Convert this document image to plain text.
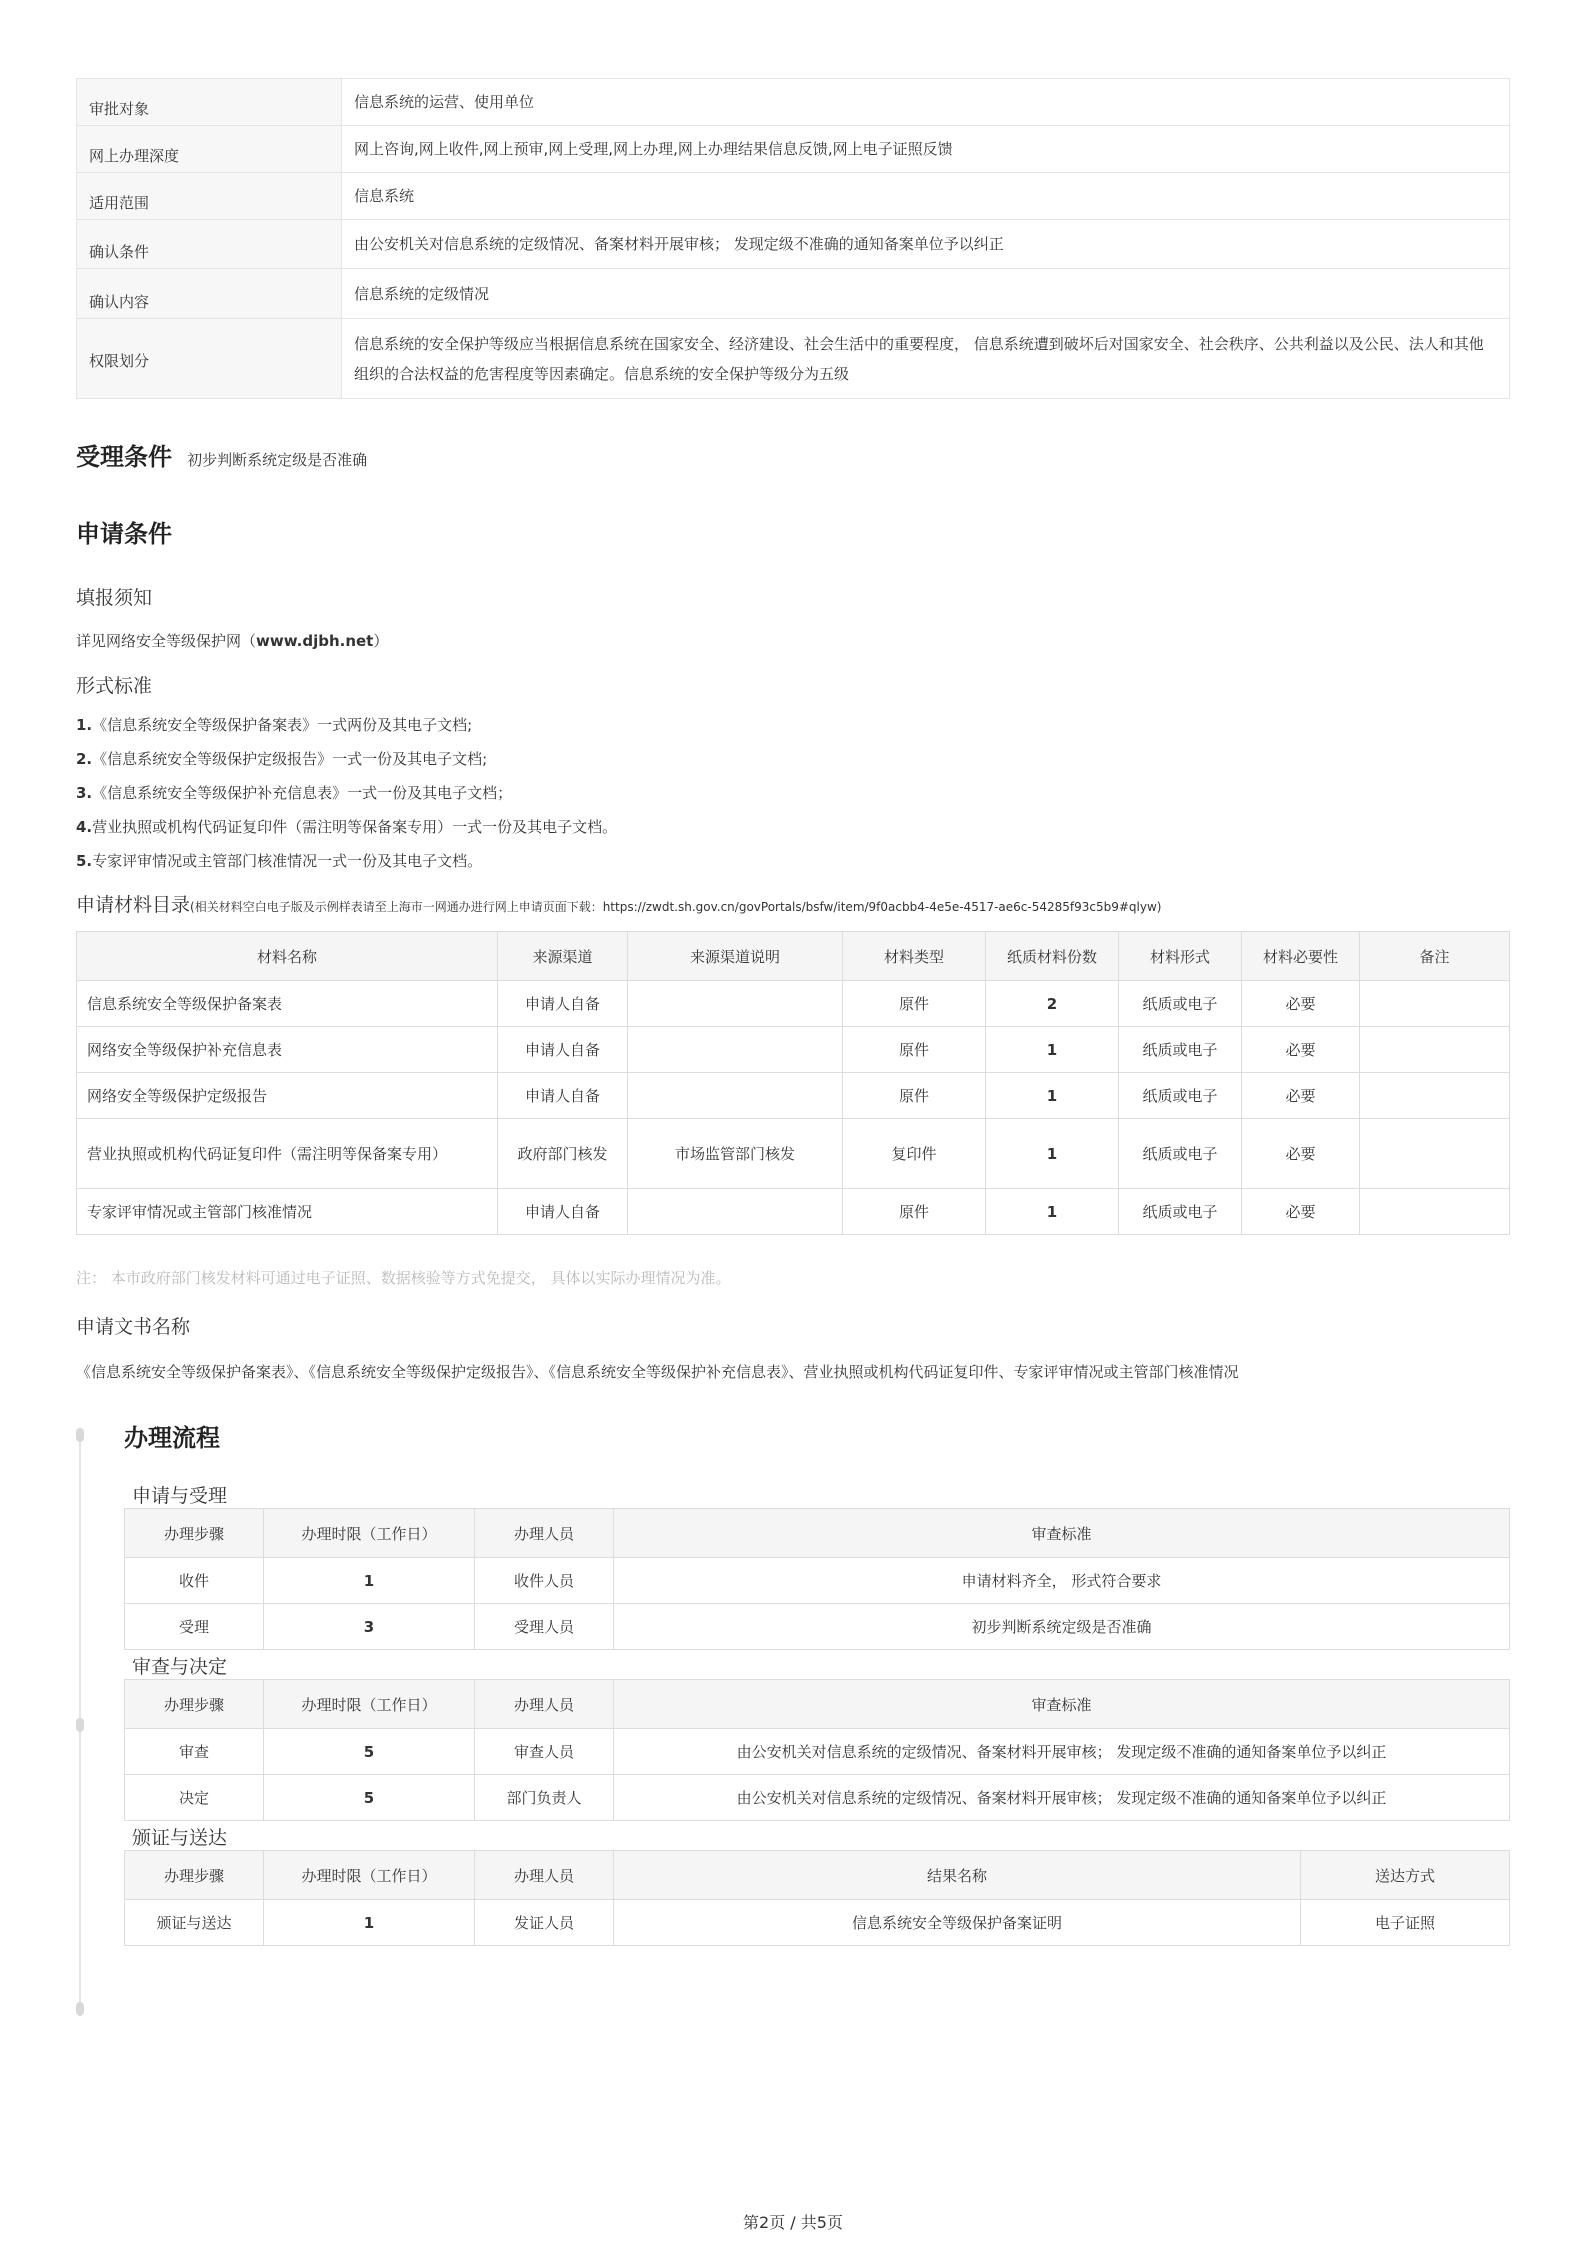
审批对象	信息系统的运营、使用单位
网上办理深度	网上咨询,网上收件,网上预审,网上受理,网上办理,网上办理结果信息反馈,网上电子证照反馈
适用范围	信息系统
确认条件	由公安机关对信息系统的定级情况、备案材料开展审核； 发现定级不准确的通知备案单位予以纠正
确认内容	信息系统的定级情况
权限划分	信息系统的安全保护等级应当根据信息系统在国家安全、经济建设、社会生活中的重要程度， 信息系统遭到破坏后对国家安全、社会秩序、公共利益以及公民、法人和其他组织的合法权益的危害程度等因素确定。信息系统的安全保护等级分为五级
受理条件 初步判断系统定级是否准确
申请条件
填报须知
详见网络安全等级保护网（www.djbh.net）
形式标准
1.《信息系统安全等级保护备案表》一式两份及其电子文档;
2.《信息系统安全等级保护定级报告》一式一份及其电子文档;
3.《信息系统安全等级保护补充信息表》一式一份及其电子文档；
4.营业执照或机构代码证复印件（需注明等保备案专用）一式一份及其电子文档。
5.专家评审情况或主管部门核准情况一式一份及其电子文档。
申请材料目录(相关材料空白电子版及示例样表请至上海市一网通办进行网上申请页面下载：https://zwdt.sh.gov.cn/govPortals/bsfw/item/9f0acbb4-4e5e-4517-ae6c-54285f93c5b9#qlyw)
材料名称	来源渠道	来源渠道说明	材料类型	纸质材料份数	材料形式	材料必要性	备注
信息系统安全等级保护备案表	申请人自备		原件	2	纸质或电子	必要	
网络安全等级保护补充信息表	申请人自备		原件	1	纸质或电子	必要	
网络安全等级保护定级报告	申请人自备		原件	1	纸质或电子	必要	
营业执照或机构代码证复印件（需注明等保备案专用）	政府部门核发	市场监管部门核发	复印件	1	纸质或电子	必要	
专家评审情况或主管部门核准情况	申请人自备		原件	1	纸质或电子	必要	
注： 本市政府部门核发材料可通过电子证照、数据核验等方式免提交， 具体以实际办理情况为准。
申请文书名称
《信息系统安全等级保护备案表》、《信息系统安全等级保护定级报告》、《信息系统安全等级保护补充信息表》、营业执照或机构代码证复印件、专家评审情况或主管部门核准情况
办理流程
申请与受理
办理步骤	办理时限（工作日）	办理人员	审查标准
收件	1	收件人员	申请材料齐全， 形式符合要求
受理	3	受理人员	初步判断系统定级是否准确
审查与决定
办理步骤	办理时限（工作日）	办理人员	审查标准
审查	5	审查人员	由公安机关对信息系统的定级情况、备案材料开展审核； 发现定级不准确的通知备案单位予以纠正
决定	5	部门负责人	由公安机关对信息系统的定级情况、备案材料开展审核； 发现定级不准确的通知备案单位予以纠正
颁证与送达
办理步骤	办理时限（工作日）	办理人员	结果名称	送达方式
颁证与送达	1	发证人员	信息系统安全等级保护备案证明	电子证照
第2页 / 共5页
